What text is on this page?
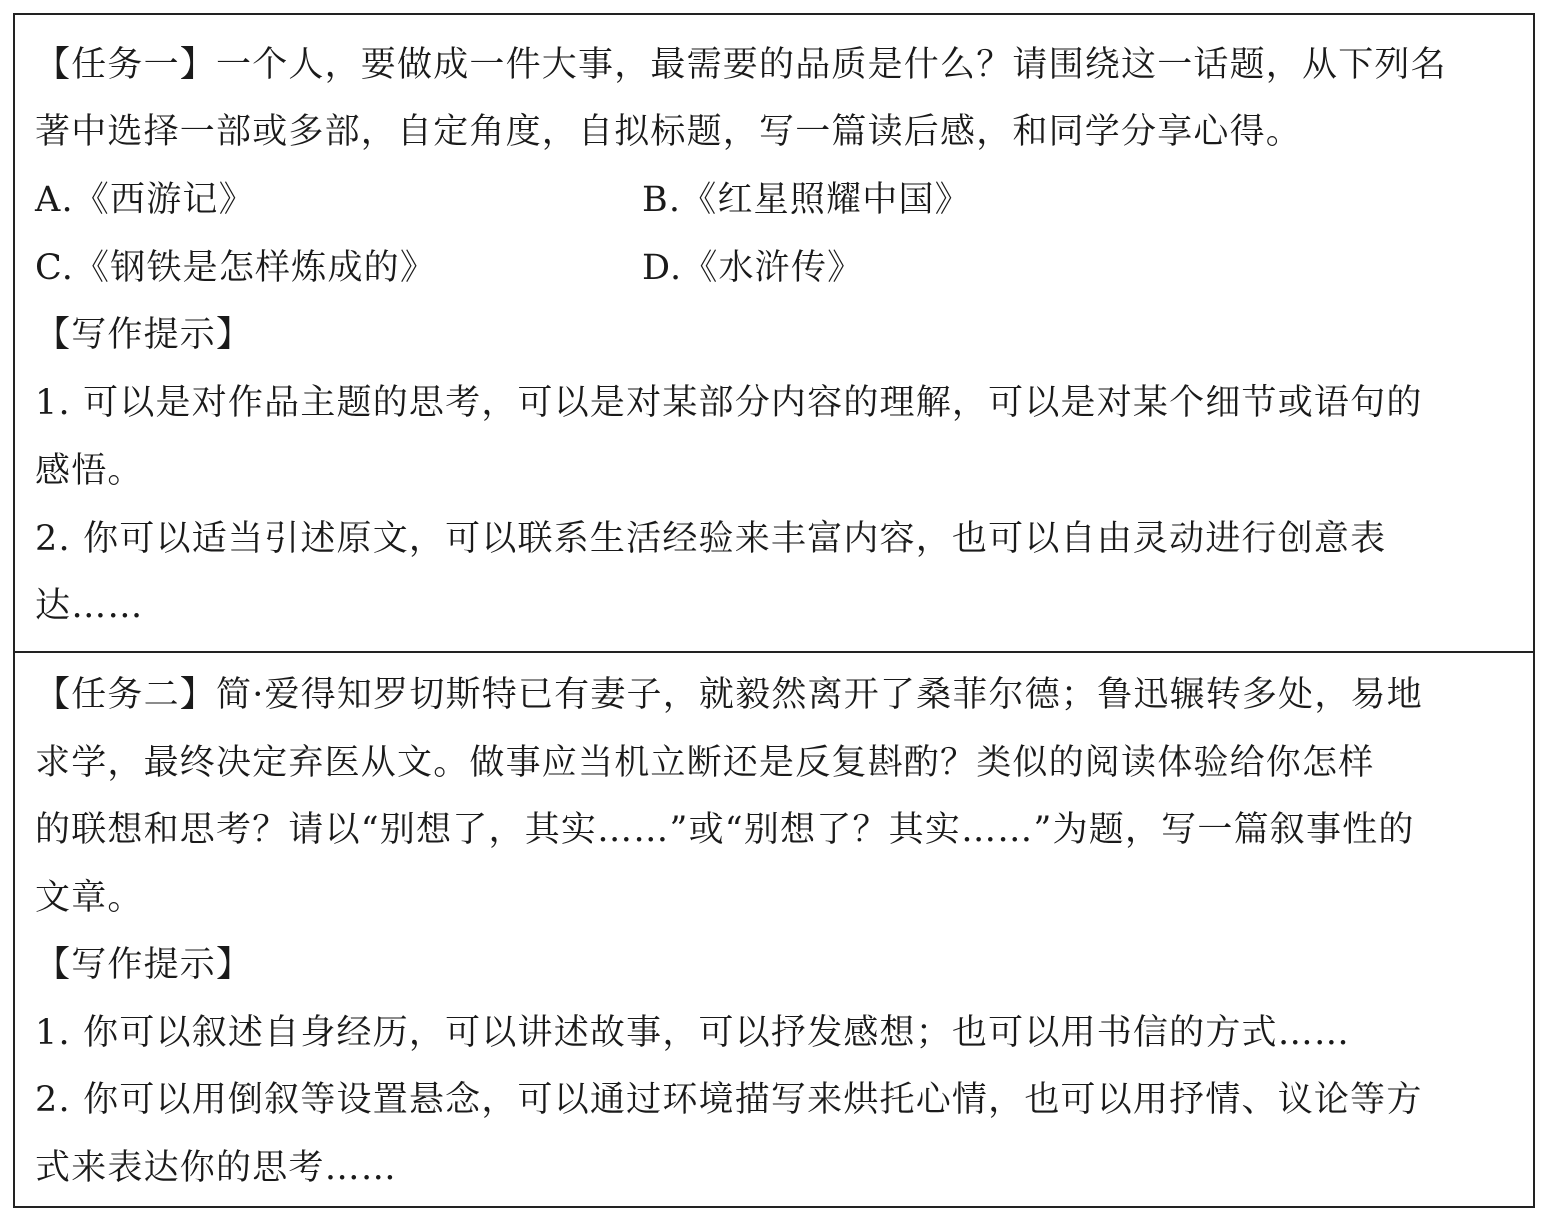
【任务一】一个人，要做成一件大事，最需要的品质是什么？请围绕这一话题，从下列名
著中选择一部或多部，自定角度，自拟标题，写一篇读后感，和同学分享心得。
A.《西游记》	B.《红星照耀中国》
C.《钢铁是怎样炼成的》	D.《水浒传》
【写作提示】
1. 可以是对作品主题的思考，可以是对某部分内容的理解，可以是对某个细节或语句的
感悟。
2. 你可以适当引述原文，可以联系生活经验来丰富内容，也可以自由灵动进行创意表
达……
【任务二】简·爱得知罗切斯特已有妻子，就毅然离开了桑菲尔德；鲁迅辗转多处，易地
求学，最终决定弃医从文。做事应当机立断还是反复斟酌？类似的阅读体验给你怎样
的联想和思考？请以“别想了，其实……”或“别想了？其实……”为题，写一篇叙事性的
文章。
【写作提示】
1. 你可以叙述自身经历，可以讲述故事，可以抒发感想；也可以用书信的方式……
2. 你可以用倒叙等设置悬念，可以通过环境描写来烘托心情，也可以用抒情、议论等方
式来表达你的思考……
